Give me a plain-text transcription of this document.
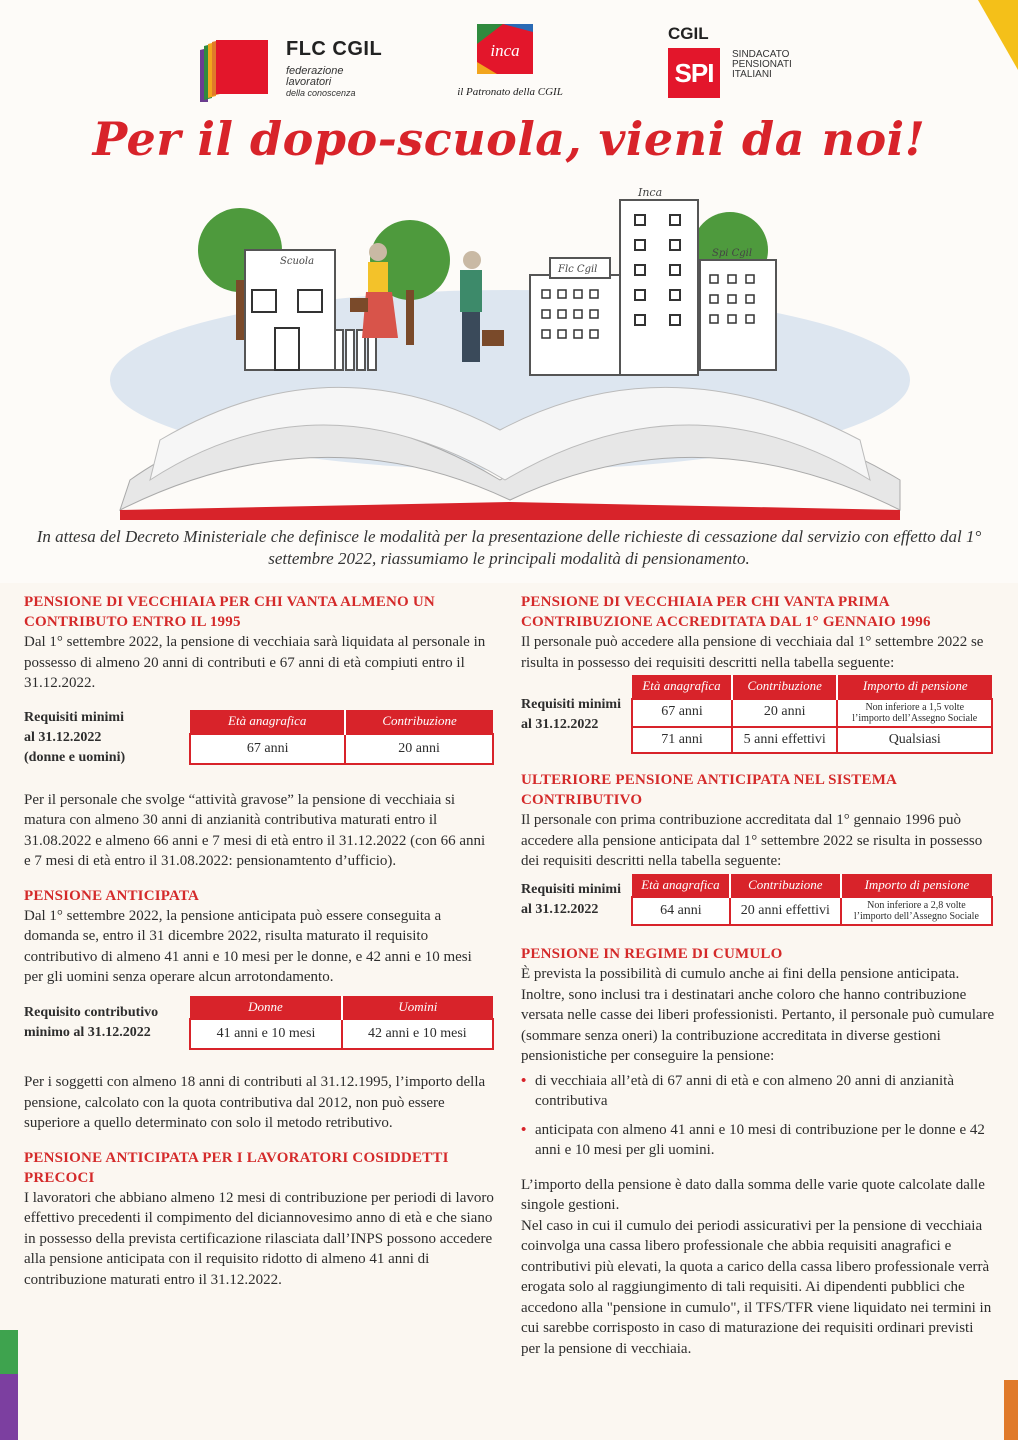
FLC CGIL
federazione
lavoratori
della conoscenza
inca
il Patronato della CGIL
CGIL
SPI
SINDACATO
PENSIONATI
ITALIANI
Per il dopo-scuola, vieni da noi!
Scuola
Flc Cgil
Inca
Spi Cgil
In attesa del Decreto Ministeriale che definisce le modalità per la presentazione delle richieste di cessazione dal servizio con effetto dal 1° settembre 2022, riassumiamo le principali modalità di pensionamento.
PENSIONE DI VECCHIAIA PER CHI VANTA ALMENO UN CONTRIBUTO ENTRO IL 1995
Dal 1° settembre 2022, la pensione di vecchiaia sarà liquidata al personale in possesso di almeno 20 anni di contributi e 67 anni di età compiuti entro il 31.12.2022.
Requisiti minimi
al 31.12.2022
(donne e uomini)
Età anagrafica	Contribuzione
67 anni	20 anni
Per il personale che svolge “attività gravose” la pensione di vecchiaia si matura con almeno 30 anni di anzianità contributiva maturati entro il 31.08.2022 e almeno 66 anni e 7 mesi di età entro il 31.12.2022 (con 66 anni e 7 mesi di età entro il 31.08.2022: pensionamtento d’ufficio).
PENSIONE ANTICIPATA
Dal 1° settembre 2022, la pensione anticipata può essere conseguita a domanda se, entro il 31 dicembre 2022, risulta maturato il requisito contributivo di almeno 41 anni e 10 mesi per le donne, e 42 anni e 10 mesi per gli uomini senza operare alcun arrotondamento.
Requisito contributivo
minimo al 31.12.2022
Donne	Uomini
41 anni e 10 mesi	42 anni e 10 mesi
Per i soggetti con almeno 18 anni di contributi al 31.12.1995, l’importo della pensione, calcolato con la quota contributiva dal 2012, non può essere superiore a quello determinato con solo il metodo retributivo.
PENSIONE ANTICIPATA PER I LAVORATORI COSIDDETTI PRECOCI
I lavoratori che abbiano almeno 12 mesi di contribuzione per periodi di lavoro effettivo precedenti il compimento del diciannovesimo anno di età e che siano in possesso della prevista certificazione rilasciata dall’INPS possono accedere alla pensione anticipata con il requisito ridotto di almeno 41 anni di contribuzione maturati entro il 31.12.2022.
PENSIONE DI VECCHIAIA PER CHI VANTA PRIMA CONTRIBUZIONE ACCREDITATA DAL 1° GENNAIO 1996
Il personale può accedere alla pensione di vecchiaia dal 1° settembre 2022 se risulta in possesso dei requisiti descritti nella tabella seguente:
Requisiti minimi
al 31.12.2022
Età anagrafica	Contribuzione	Importo di pensione
67 anni	20 anni	Non inferiore a 1,5 volte
l’importo dell’Assegno Sociale

71 anni	5 anni effettivi	Qualsiasi
ULTERIORE PENSIONE ANTICIPATA NEL SISTEMA CONTRIBUTIVO
Il personale con prima contribuzione accreditata dal 1° gennaio 1996 può accedere alla pensione anticipata dal 1° settembre 2022 se risulta in possesso dei requisiti descritti nella tabella seguente:
Requisiti minimi
al 31.12.2022
Età anagrafica	Contribuzione	Importo di pensione
64 anni	20 anni effettivi	Non inferiore a 2,8 volte
l’importo dell’Assegno Sociale
PENSIONE IN REGIME DI CUMULO
È prevista la possibilità di cumulo anche ai fini della pensione anticipata. Inoltre, sono inclusi tra i destinatari anche coloro che hanno contribuzione versata nelle casse dei liberi professionisti. Pertanto, il personale può cumulare (sommare senza oneri) la contribuzione accreditata in diverse gestioni pensionistiche per conseguire la pensione:
• di vecchiaia all’età di 67 anni di età e con almeno 20 anni di anzianità contributiva
• anticipata con almeno 41 anni e 10 mesi di contribuzione per le donne e 42 anni e 10 mesi per gli uomini.
L’importo della pensione è dato dalla somma delle varie quote calcolate dalle singole gestioni.
Nel caso in cui il cumulo dei periodi assicurativi per la pensione di vecchiaia coinvolga una cassa libero professionale che abbia requisiti anagrafici e contributivi più elevati, la quota a carico della cassa libero professionale verrà erogata solo al raggiungimento di tali requisiti. Ai dipendenti pubblici che accedono alla "pensione in cumulo", il TFS/TFR viene liquidato nei termini in cui sarebbe corrisposto in caso di maturazione dei requisiti ordinari previsti per la pensione di vecchiaia.
